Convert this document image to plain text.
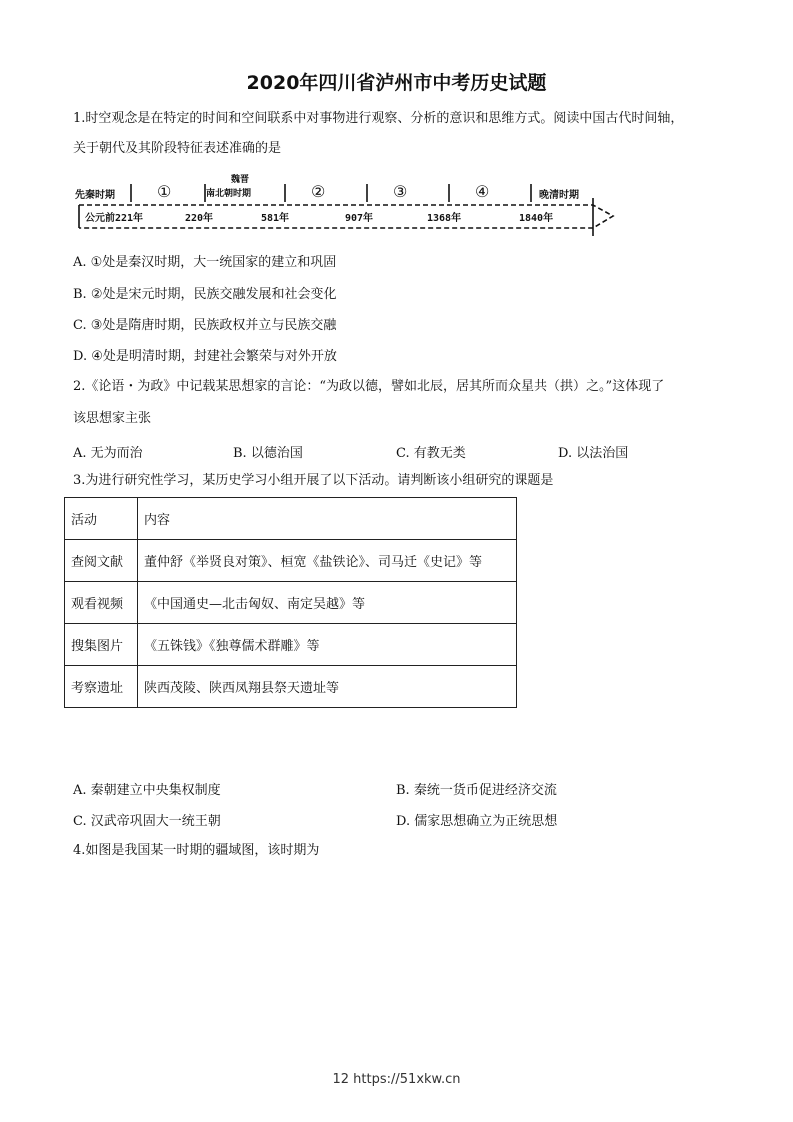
2020年四川省泸州市中考历史试题
1.时空观念是在特定的时间和空间联系中对事物进行观察、分析的意识和思维方式。阅读中国古代时间轴，
关于朝代及其阶段特征表述准确的是
先秦时期	①
魏晋
南北朝时期	②	③	④	晚清时期
公元前221年	220年	581年	907年	1368年	1840年
A. ①处是秦汉时期，大一统国家的建立和巩固
B. ②处是宋元时期，民族交融发展和社会变化
C. ③处是隋唐时期，民族政权并立与民族交融
D. ④处是明清时期，封建社会繁荣与对外开放
2.《论语・为政》中记载某思想家的言论：“为政以德，譬如北辰，居其所而众星共（拱）之。”这体现了
该思想家主张
A. 无为而治	B. 以德治国	C. 有教无类	D. 以法治国
3.为进行研究性学习，某历史学习小组开展了以下活动。请判断该小组研究的课题是
活动	内容
查阅文献	董仲舒《举贤良对策》、桓宽《盐铁论》、司马迁《史记》等
观看视频	《中国通史—北击匈奴、南定吴越》等
搜集图片	《五铢钱》《独尊儒术群雕》等
考察遗址	陕西茂陵、陕西凤翔县祭天遗址等
A. 秦朝建立中央集权制度	B. 秦统一货币促进经济交流
C. 汉武帝巩固大一统王朝	D. 儒家思想确立为正统思想
4.如图是我国某一时期的疆域图，该时期为
12 https://51xkw.cn
